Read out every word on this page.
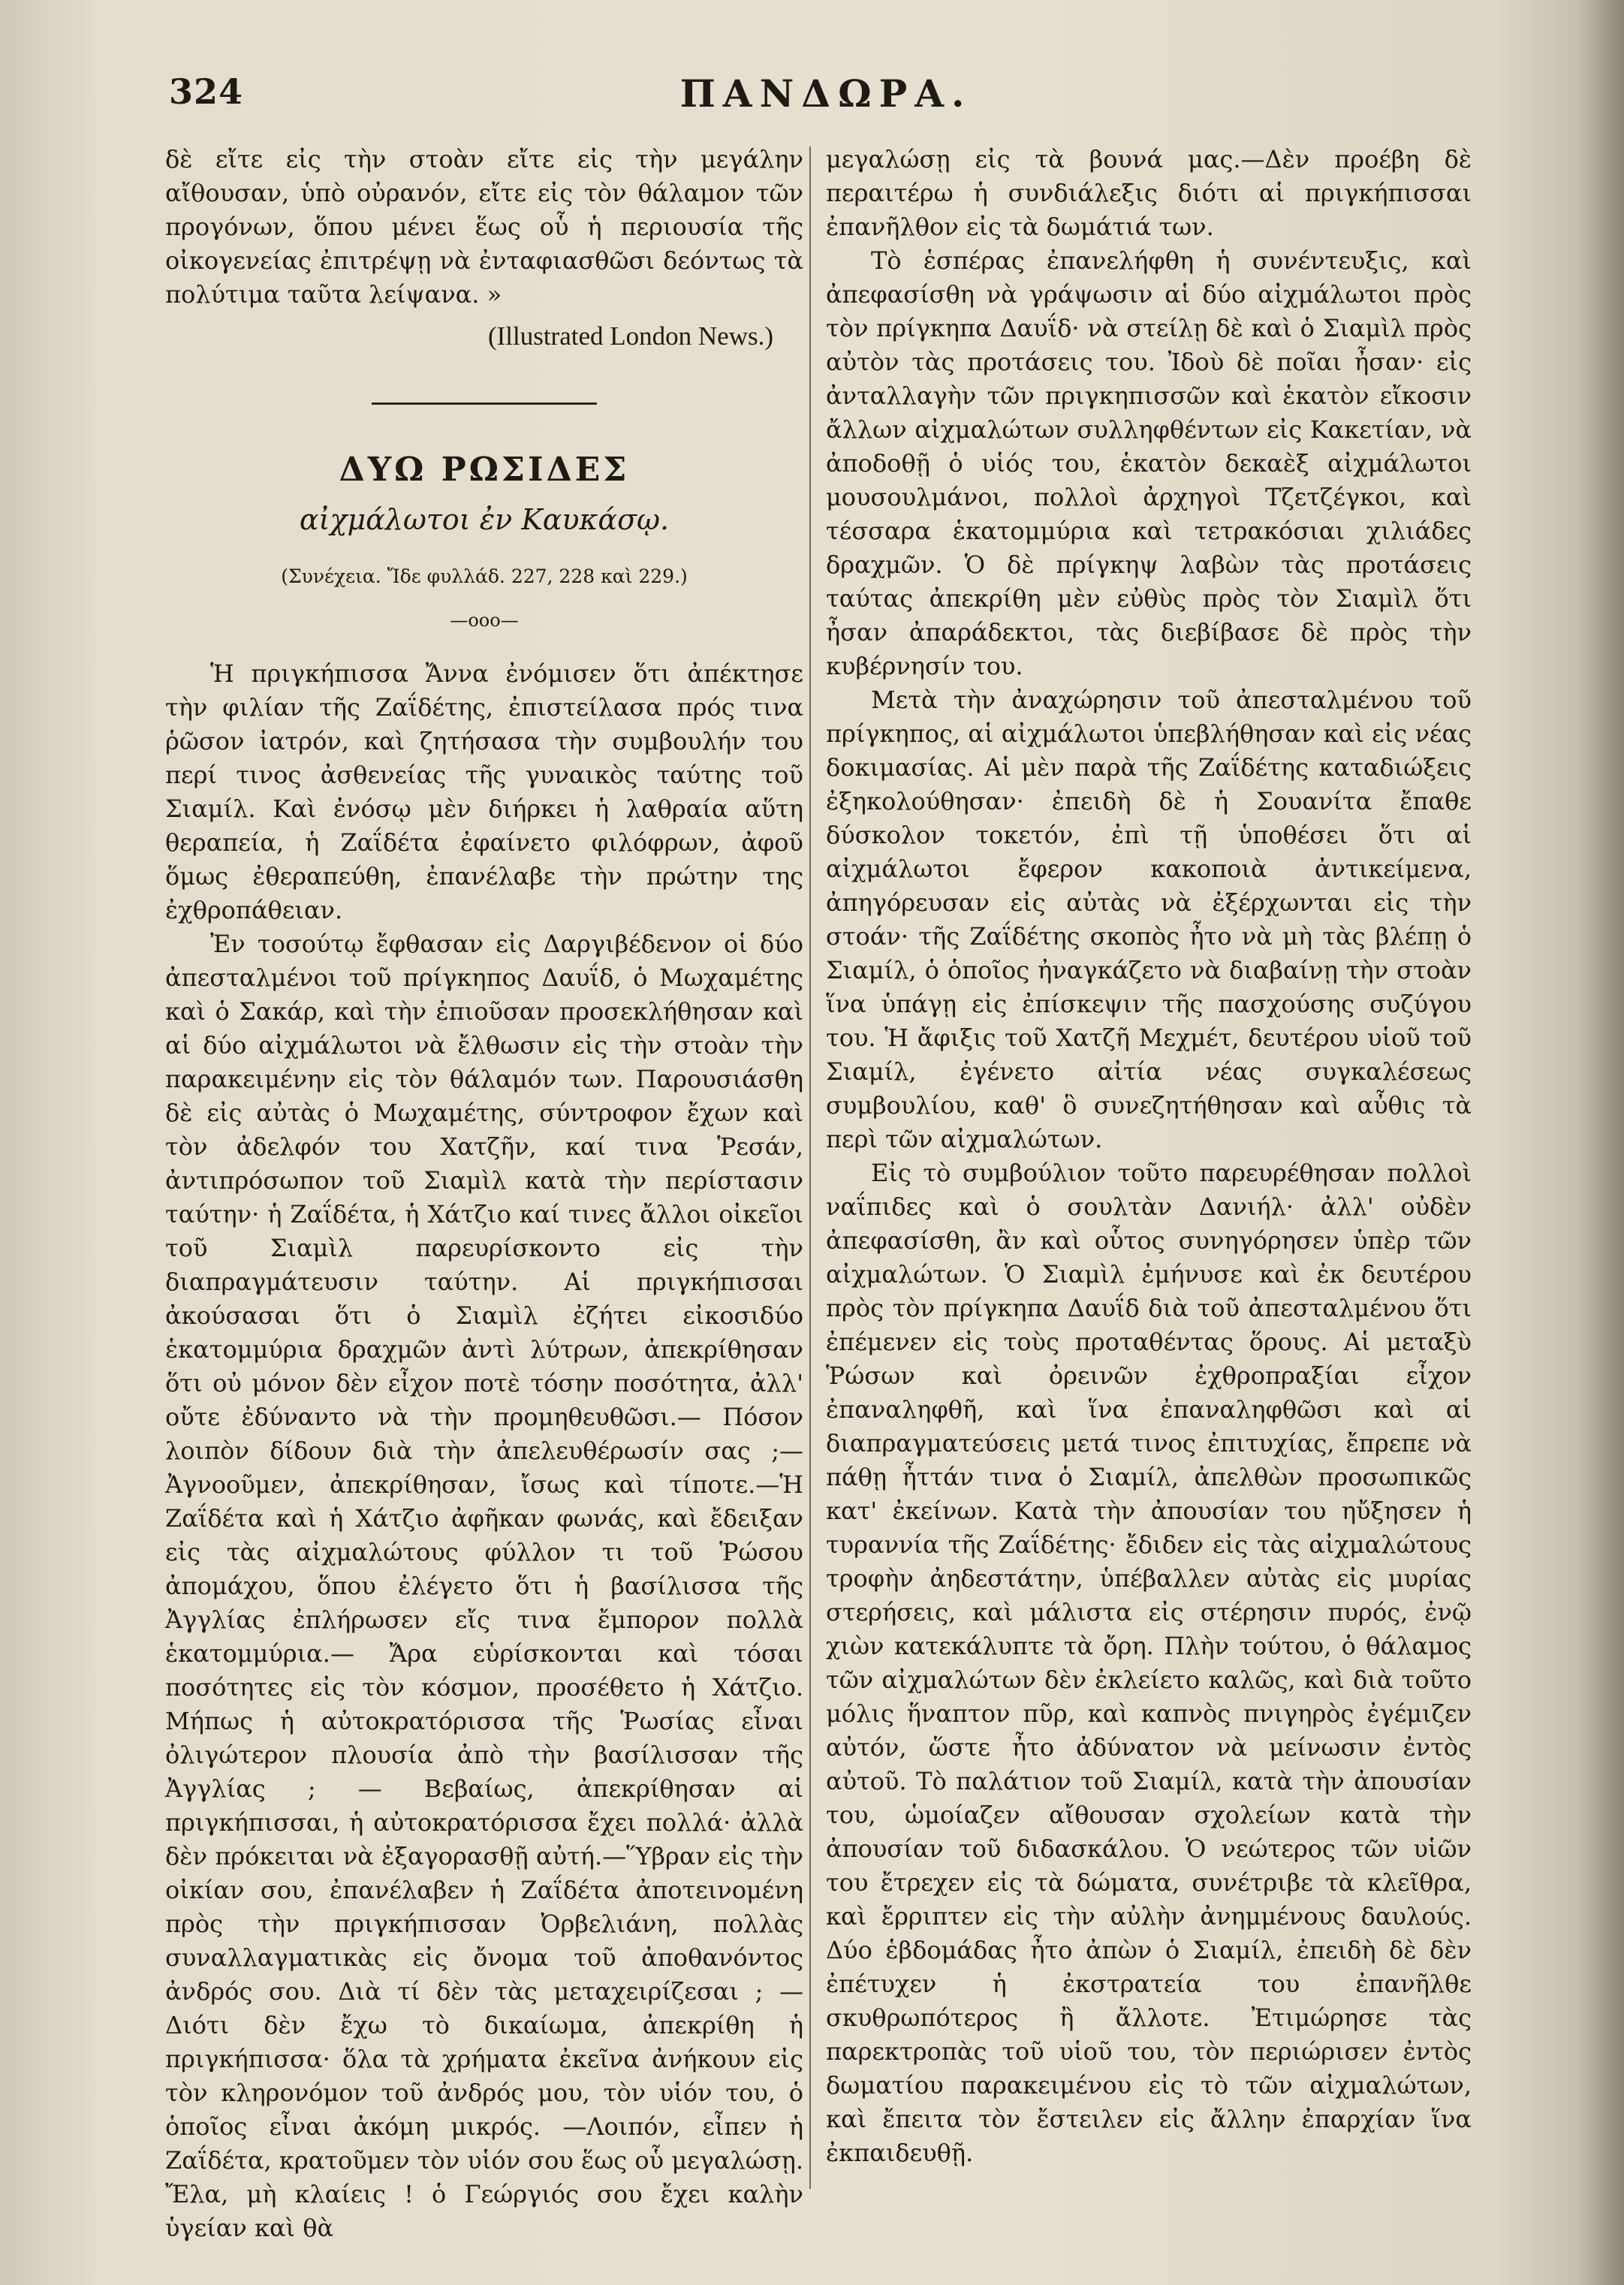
324	ΠΑΝΔΩΡΑ.

δὲ εἴτε εἰς τὴν στοὰν εἴτε εἰς τὴν μεγάλην αἴθουσαν, ὑπὸ οὐρανόν, εἴτε εἰς τὸν θάλαμον τῶν προγόνων, ὅπου μένει ἕως οὗ ἡ περιουσία τῆς οἰκογενείας ἐπιτρέψῃ νὰ ἐνταφιασθῶσι δεόντως τὰ πολύτιμα ταῦτα λείψανα. »

(Illustrated London News.)
ΔΥΩ ΡΩΣΙΔΕΣ
αἰχμάλωτοι ἐν Καυκάσῳ.
(Συνέχεια. Ἴδε φυλλάδ. 227, 228 καὶ 229.)
—οοο—

Ἡ πριγκήπισσα Ἄννα ἐνόμισεν ὅτι ἀπέκτησε τὴν φιλίαν τῆς Ζαΐδέτης, ἐπιστείλασα πρός τινα ῥῶσον ἰατρόν, καὶ ζητήσασα τὴν συμβουλήν του περί τινος ἀσθενείας τῆς γυναικὸς ταύτης τοῦ Σιαμίλ. Καὶ ἐνόσῳ μὲν διήρκει ἡ λαθραία αὕτη θεραπεία, ἡ Ζαΐδέτα ἐφαίνετο φιλόφρων, ἀφοῦ ὅμως ἐθεραπεύθη, ἐπανέλαβε τὴν πρώτην της ἐχθροπάθειαν.

Ἐν τοσούτῳ ἔφθασαν εἰς Δαργιβέδενον οἱ δύο ἀπεσταλμένοι τοῦ πρίγκηπος Δαυΐδ, ὁ Μωχαμέτης καὶ ὁ Σακάρ, καὶ τὴν ἐπιοῦσαν προσεκλήθησαν καὶ αἱ δύο αἰχμάλωτοι νὰ ἔλθωσιν εἰς τὴν στοὰν τὴν παρακειμένην εἰς τὸν θάλαμόν των. Παρουσιάσθη δὲ εἰς αὐτὰς ὁ Μωχαμέτης, σύντροφον ἔχων καὶ τὸν ἀδελφόν του Χατζῆν, καί τινα Ῥεσάν, ἀντιπρόσωπον τοῦ Σιαμὶλ κατὰ τὴν περίστασιν ταύτην· ἡ Ζαΐδέτα, ἡ Χάτζιο καί τινες ἄλλοι οἰκεῖοι τοῦ Σιαμὶλ παρευρίσκοντο εἰς τὴν διαπραγμάτευσιν ταύτην. Αἱ πριγκήπισσαι ἀκούσασαι ὅτι ὁ Σιαμὶλ ἐζήτει εἰκοσιδύο ἑκατομμύρια δραχμῶν ἀντὶ λύτρων, ἀπεκρίθησαν ὅτι οὐ μόνον δὲν εἶχον ποτὲ τόσην ποσότητα, ἀλλ' οὔτε ἐδύναντο νὰ τὴν προμηθευθῶσι.— Πόσον λοιπὸν δίδουν διὰ τὴν ἀπελευθέρωσίν σας ;— Ἀγνοοῦμεν, ἀπεκρίθησαν, ἴσως καὶ τίποτε.—Ἡ Ζαΐδέτα καὶ ἡ Χάτζιο ἀφῆκαν φωνάς, καὶ ἔδειξαν εἰς τὰς αἰχμαλώτους φύλλον τι τοῦ Ῥώσου ἀπομάχου, ὅπου ἐλέγετο ὅτι ἡ βασίλισσα τῆς Ἀγγλίας ἐπλήρωσεν εἴς τινα ἔμπορον πολλὰ ἑκατομμύρια.— Ἄρα εὑρίσκονται καὶ τόσαι ποσότητες εἰς τὸν κόσμον, προσέθετο ἡ Χάτζιο. Μήπως ἡ αὐτοκρατόρισσα τῆς Ῥωσίας εἶναι ὀλιγώτερον πλουσία ἀπὸ τὴν βασίλισσαν τῆς Ἀγγλίας ; — Βεβαίως, ἀπεκρίθησαν αἱ πριγκήπισσαι, ἡ αὐτοκρατόρισσα ἔχει πολλά· ἀλλὰ δὲν πρόκειται νὰ ἐξαγορασθῇ αὐτή.—Ὕβραν εἰς τὴν οἰκίαν σου, ἐπανέλαβεν ἡ Ζαΐδέτα ἀποτεινομένη πρὸς τὴν πριγκήπισσαν Ὀρβελιάνη, πολλὰς συναλλαγματικὰς εἰς ὄνομα τοῦ ἀποθανόντος ἀνδρός σου. Διὰ τί δὲν τὰς μεταχειρίζεσαι ; — Διότι δὲν ἔχω τὸ δικαίωμα, ἀπεκρίθη ἡ πριγκήπισσα· ὅλα τὰ χρήματα ἐκεῖνα ἀνήκουν εἰς τὸν κληρονόμον τοῦ ἀνδρός μου, τὸν υἱόν του, ὁ ὁποῖος εἶναι ἀκόμη μικρός. —Λοιπόν, εἶπεν ἡ Ζαΐδέτα, κρατοῦμεν τὸν υἱόν σου ἕως οὗ μεγαλώσῃ. Ἔλα, μὴ κλαίεις ! ὁ Γεώργιός σου ἔχει καλὴν ὑγείαν καὶ θὰ

μεγαλώσῃ εἰς τὰ βουνά μας.—Δὲν προέβη δὲ περαιτέρω ἡ συνδιάλεξις διότι αἱ πριγκήπισσαι ἐπανῆλθον εἰς τὰ δωμάτιά των.

Τὸ ἑσπέρας ἐπανελήφθη ἡ συνέντευξις, καὶ ἀπεφασίσθη νὰ γράψωσιν αἱ δύο αἰχμάλωτοι πρὸς τὸν πρίγκηπα Δαυΐδ· νὰ στείλῃ δὲ καὶ ὁ Σιαμὶλ πρὸς αὐτὸν τὰς προτάσεις του. Ἰδοὺ δὲ ποῖαι ἦσαν· εἰς ἀνταλλαγὴν τῶν πριγκηπισσῶν καὶ ἑκατὸν εἴκοσιν ἄλλων αἰχμαλώτων συλληφθέντων εἰς Κακετίαν, νὰ ἀποδοθῇ ὁ υἱός του, ἑκατὸν δεκαὲξ αἰχμάλωτοι μουσουλμάνοι, πολλοὶ ἀρχηγοὶ Τζετζέγκοι, καὶ τέσσαρα ἑκατομμύρια καὶ τετρακόσιαι χιλιάδες δραχμῶν. Ὁ δὲ πρίγκηψ λαβὼν τὰς προτάσεις ταύτας ἀπεκρίθη μὲν εὐθὺς πρὸς τὸν Σιαμὶλ ὅτι ἦσαν ἀπαράδεκτοι, τὰς διεβίβασε δὲ πρὸς τὴν κυβέρνησίν του.

Μετὰ τὴν ἀναχώρησιν τοῦ ἀπεσταλμένου τοῦ πρίγκηπος, αἱ αἰχμάλωτοι ὑπεβλήθησαν καὶ εἰς νέας δοκιμασίας. Αἱ μὲν παρὰ τῆς Ζαΐδέτης καταδιώξεις ἐξηκολούθησαν· ἐπειδὴ δὲ ἡ Σουανίτα ἔπαθε δύσκολον τοκετόν, ἐπὶ τῇ ὑποθέσει ὅτι αἱ αἰχμάλωτοι ἔφερον κακοποιὰ ἀντικείμενα, ἀπηγόρευσαν εἰς αὐτὰς νὰ ἐξέρχωνται εἰς τὴν στοάν· τῆς Ζαΐδέτης σκοπὸς ἦτο νὰ μὴ τὰς βλέπῃ ὁ Σιαμίλ, ὁ ὁποῖος ἠναγκάζετο νὰ διαβαίνῃ τὴν στοὰν ἵνα ὑπάγῃ εἰς ἐπίσκεψιν τῆς πασχούσης συζύγου του. Ἡ ἄφιξις τοῦ Χατζῆ Μεχμέτ, δευτέρου υἱοῦ τοῦ Σιαμίλ, ἐγένετο αἰτία νέας συγκαλέσεως συμβουλίου, καθ' ὃ συνεζητήθησαν καὶ αὖθις τὰ περὶ τῶν αἰχμαλώτων.

Εἰς τὸ συμβούλιον τοῦτο παρευρέθησαν πολλοὶ ναΐπιδες καὶ ὁ σουλτὰν Δανιήλ· ἀλλ' οὐδὲν ἀπεφασίσθη, ἂν καὶ οὗτος συνηγόρησεν ὑπὲρ τῶν αἰχμαλώτων. Ὁ Σιαμὶλ ἐμήνυσε καὶ ἐκ δευτέρου πρὸς τὸν πρίγκηπα Δαυΐδ διὰ τοῦ ἀπεσταλμένου ὅτι ἐπέμενεν εἰς τοὺς προταθέντας ὅρους. Αἱ μεταξὺ Ῥώσων καὶ ὀρεινῶν ἐχθροπραξίαι εἶχον ἐπαναληφθῆ, καὶ ἵνα ἐπαναληφθῶσι καὶ αἱ διαπραγματεύσεις μετά τινος ἐπιτυχίας, ἔπρεπε νὰ πάθῃ ἧττάν τινα ὁ Σιαμίλ, ἀπελθὼν προσωπικῶς κατ' ἐκείνων. Κατὰ τὴν ἀπουσίαν του ηὔξησεν ἡ τυραννία τῆς Ζαΐδέτης· ἔδιδεν εἰς τὰς αἰχμαλώτους τροφὴν ἀηδεστάτην, ὑπέβαλλεν αὐτὰς εἰς μυρίας στερήσεις, καὶ μάλιστα εἰς στέρησιν πυρός, ἐνῷ χιὼν κατεκάλυπτε τὰ ὄρη. Πλὴν τούτου, ὁ θάλαμος τῶν αἰχμαλώτων δὲν ἐκλείετο καλῶς, καὶ διὰ τοῦτο μόλις ἥναπτον πῦρ, καὶ καπνὸς πνιγηρὸς ἐγέμιζεν αὐτόν, ὥστε ἦτο ἀδύνατον νὰ μείνωσιν ἐντὸς αὐτοῦ. Τὸ παλάτιον τοῦ Σιαμίλ, κατὰ τὴν ἀπουσίαν του, ὡμοίαζεν αἴθουσαν σχολείων κατὰ τὴν ἀπουσίαν τοῦ διδασκάλου. Ὁ νεώτερος τῶν υἱῶν του ἔτρεχεν εἰς τὰ δώματα, συνέτριβε τὰ κλεῖθρα, καὶ ἔρριπτεν εἰς τὴν αὐλὴν ἀνημμένους δαυλούς. Δύο ἑβδομάδας ἦτο ἀπὼν ὁ Σιαμίλ, ἐπειδὴ δὲ δὲν ἐπέτυχεν ἡ ἐκστρατεία του ἐπανῆλθε σκυθρωπότερος ἢ ἄλλοτε. Ἐτιμώρησε τὰς παρεκτροπὰς τοῦ υἱοῦ του, τὸν περιώρισεν ἐντὸς δωματίου παρακειμένου εἰς τὸ τῶν αἰχμαλώτων, καὶ ἔπειτα τὸν ἔστειλεν εἰς ἄλλην ἐπαρχίαν ἵνα ἐκπαιδευθῇ.
